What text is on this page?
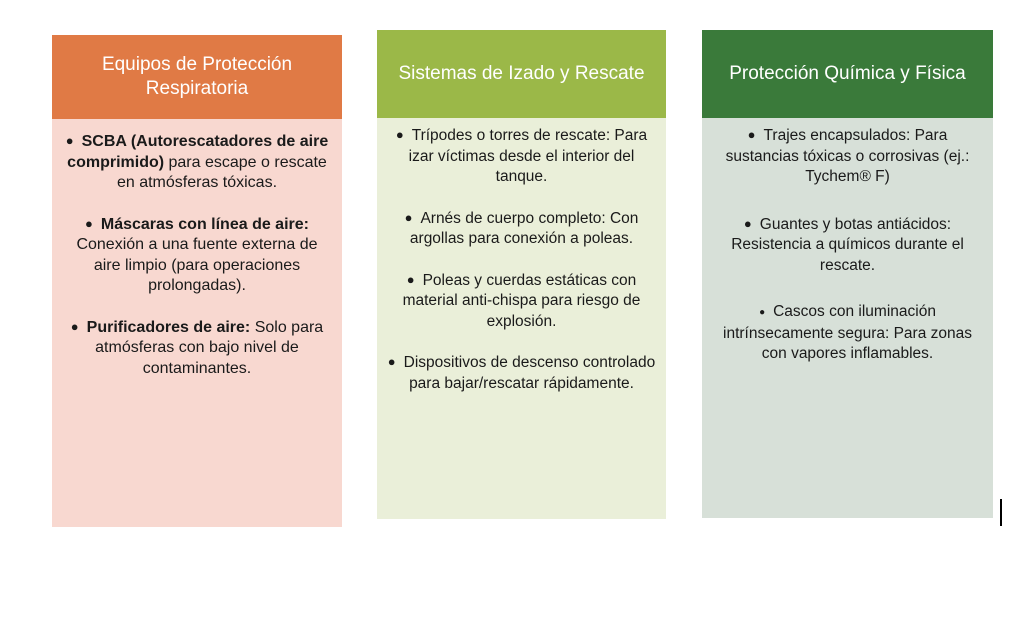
Equipos de Protección Respiratoria
● SCBA (Autorescatadores de aire comprimido) para escape o rescate en atmósferas tóxicas.
● Máscaras con línea de aire: Conexión a una fuente externa de aire limpio (para operaciones prolongadas).
● Purificadores de aire: Solo para atmósferas con bajo nivel de contaminantes.
Sistemas de Izado y Rescate
● Trípodes o torres de rescate: Para izar víctimas desde el interior del tanque.
● Arnés de cuerpo completo: Con argollas para conexión a poleas.
● Poleas y cuerdas estáticas con material anti-chispa para riesgo de explosión.
● Dispositivos de descenso controlado para bajar/rescatar rápidamente.
Protección Química y Física
● Trajes encapsulados: Para sustancias tóxicas o corrosivas (ej.: Tychem® F)
● Guantes y botas antiácidos: Resistencia a químicos durante el rescate.
● Cascos con iluminación intrínsecamente segura: Para zonas con vapores inflamables.
